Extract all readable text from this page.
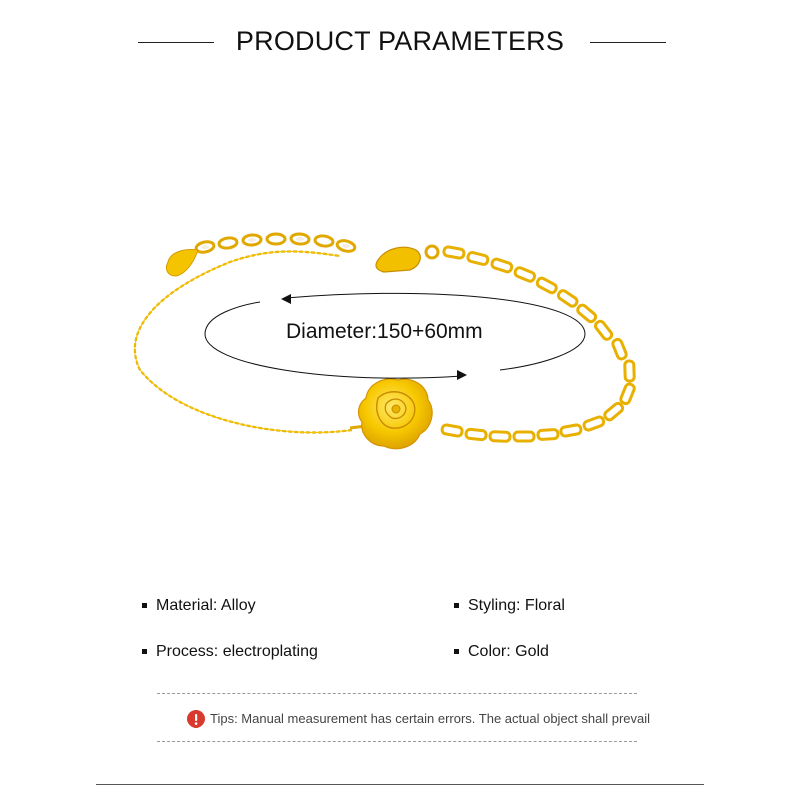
PRODUCT PARAMETERS
Diameter:150+60mm
Material: Alloy	Styling: Floral
Process: electroplating	Color: Gold
Tips: Manual measurement has certain errors. The actual object shall prevail
